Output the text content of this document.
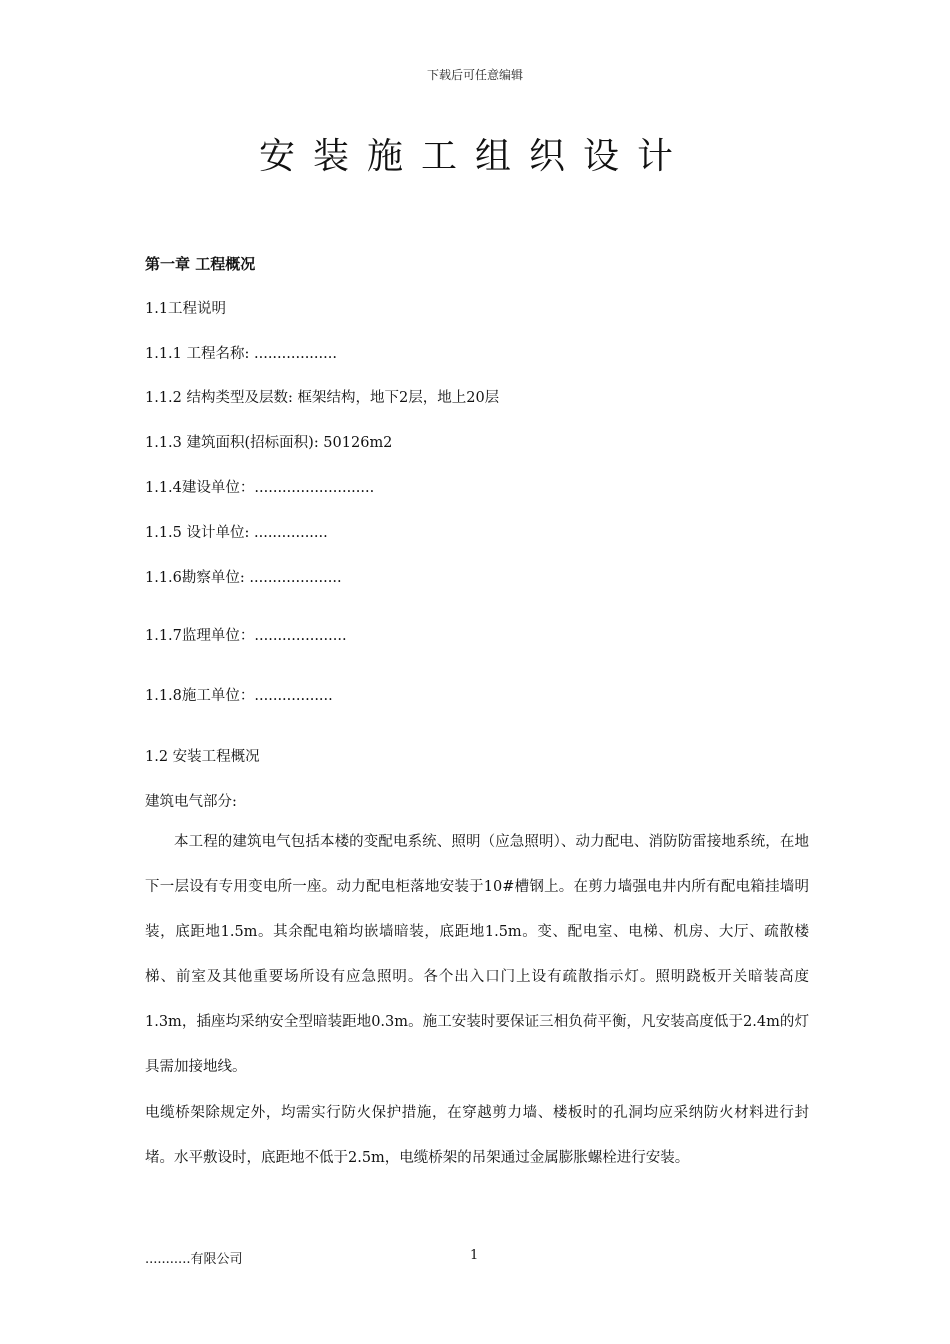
下载后可任意编辑
安装施工组织设计
第一章 工程概况
1.1工程说明
1.1.1 工程名称: ..................
1.1.2 结构类型及层数: 框架结构，地下2层，地上20层
1.1.3 建筑面积(招标面积): 50126m2
1.1.4建设单位：..........................
1.1.5 设计单位: ................
1.1.6勘察单位: ....................
1.1.7监理单位：....................
1.1.8施工单位：.................
1.2 安装工程概况
建筑电气部分:
本工程的建筑电气包括本楼的变配电系统、照明（应急照明）、动力配电、消防防雷接地系统，在地下一层设有专用变电所一座。动力配电柜落地安装于10#槽钢上。在剪力墙强电井内所有配电箱挂墙明装，底距地1.5m。其余配电箱均嵌墙暗装，底距地1.5m。变、配电室、电梯、机房、大厅、疏散楼梯、前室及其他重要场所设有应急照明。各个出入口门上设有疏散指示灯。照明跷板开关暗装高度1.3m，插座均采纳安全型暗装距地0.3m。施工安装时要保证三相负荷平衡，凡安装高度低于2.4m的灯具需加接地线。
电缆桥架除规定外，均需实行防火保护措施，在穿越剪力墙、楼板时的孔洞均应采纳防火材料进行封堵。水平敷设时，底距地不低于2.5m，电缆桥架的吊架通过金属膨胀螺栓进行安装。
...........有限公司	1
